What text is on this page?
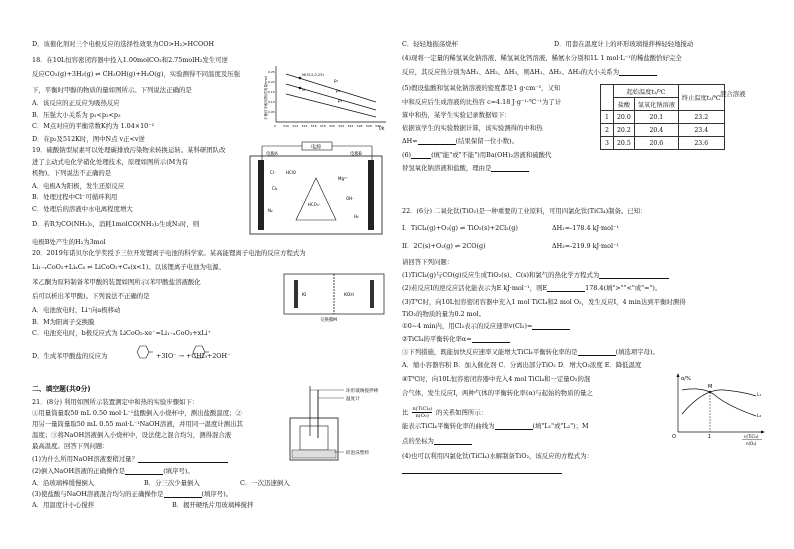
D．该催化剂对三个电极反应的选择性效果为CO>H₂>HCOOH
18．在10L恒容密闭容器中投入1.00molCO₂和2.75molH₂发生可逆
反应CO₂(g)+3H₂(g) ⇌ CH₃OH(g)+H₂O(g)，实验测得不同温度及压强
下，平衡时甲醇的物质的量如图所示。下列说法正确的是
A．该反应的正反应为吸热反应
B．压强大小关系为 p₁<p₂<p₃
C．M点对应的平衡常数K约为 1.04×10⁻²
D．在p₂及512K时，图中N点 v正<v逆
平衡时甲醇的物质的量/mol
T/K
0 510 512 514 516 518 520 522 524 526 528 530
0.25
0.20
0.15
0.10
0.05
p₁
p₂
p₃
M(512,0.25)
N
19．硫酸钠型尿素可以处理碳排放污染物来转换运转。某科研团队改
进了主动式电化学硝化处理技术，原理如图所示(M为有
机物)。下列说法不正确的是
A．电极A为阳极，发生还原反应
B．处理过程中Cl⁻可循环利用
C．处理后的溶液中水电离程度增大
D．若R为CO(NH₂)₂，消耗1molCO(NH₂)₂生成N₂时，则
电极B处产生的H₂为3mol
电源
电极A	电极B
Cl⁻ HClO
Cl₂
Mg²⁺
OH⁻
H₂
HCO₃⁻
N₂
20．2019年诺贝尔化学奖授予三位开发锂离子电池的科学家。某高能锂离子电池的反应方程式为
Li₁₋ₓCoO₂+LiₓC₆ ⇌ LiCoO₂+C₆(x<1)。以该锂离子电池为电源、
苯乙酮为原料制备苯甲酸的装置如图所示(苯甲酸盐溶液酸化
后可以析出苯甲酸)。下列说法不正确的是
A．电池放电时，Li⁺向a极移动
B．M为阳离子交换膜
C．电池充电时，b极反应式为 LiCoO₂-xe⁻=Li₁₋ₓCoO₂+xLi⁺
D．生成苯甲酸盐的反应为	+3IO⁻ → +CHI₃+2OH⁻
KI	KOH
交换膜M
二、填空题(共0分)
21．(8分) 利用如图所示装置测定中和热的实验步骤如下：
①用量筒量取50 mL 0.50 mol·L⁻¹盐酸倒入小烧杯中，测出盐酸温度；②
用另一量筒量取50 mL 0.55 mol·L⁻¹NaOH溶液，并用同一温度计测出其
温度；③将NaOH溶液倒入小烧杯中，设法使之混合均匀，测得混合液
最高温度。回答下列问题：
(1)为什么所用NaOH溶液要稍过量？
(2)倒入NaOH溶液的正确操作是	(填序号)。
A．沿玻璃棒缓慢倒入	B．分三次少量倒入	C．一次迅速倒入
(3)使盐酸与NaOH溶液混合均匀的正确操作是	(填序号)。
A．用温度计小心搅拌	B．揭开硬纸片用玻璃棒搅拌
环形玻璃搅拌棒
温度计
碎泡沫塑料
C．轻轻地振荡烧杯	D．用套在温度计上的环形玻璃搅拌棒轻轻地搅动
(4)现将一定量的稀氢氧化钠溶液、稀氢氧化钙溶液、稀氨水分别和1L 1 mol·L⁻¹的稀盐酸恰好完全
反应，其反应热分别为ΔH₁、ΔH₂、ΔH₃，则ΔH₁、ΔH₂、ΔH₃的大小关系为
(5)假设盐酸和氢氧化钠溶液的密度都是1 g·cm⁻³，又知
中和反应后生成溶液的比热容 c=4.18 J·g⁻¹·℃⁻¹为了计
算中和热，某学生实验记录数据如下：
依据该学生的实验数据计算，该实验测得的中和热
ΔH=	(结果保留一位小数)。
(6)	(填"能"或"不能")用Ba(OH)₂溶液和硫酸代
替氢氧化钠溶液和盐酸，理由是
	起始温度t₁/℃		终止温度t₂/℃
	盐酸	氢氧化钠溶液	
1	20.0	20.1	23.2
2	20.2	20.4	23.4
3	20.5	20.6	23.6
混合溶液
22．(6分) 二氧化钛(TiO₂)是一种重要的工业原料，可用四氯化钛(TiCl₄)制备。已知：
I．TiCl₄(g)+O₂(g) ⇌ TiO₂(s)+2Cl₂(g)	ΔH₁=-178.4 kJ·mol⁻¹
II．2C(s)+O₂(g) ⇌ 2CO(g)	ΔH₂=-219.9 kJ·mol⁻¹
请回答下列问题：
(1)TiCl₄(g)与CO(g)反应生成TiO₂(s)、C(s)和氯气的热化学方程式为
(2)若反应I的逆反应活化能表示为E kJ·mol⁻¹，则E	178.4(填">""<"或"=")。
(3)T℃时，向10L恒容密闭容器中充入1 mol TiCl₄和2 mol O₂，发生反应I，4 min达到平衡时测得
TiO₂的物质的量为0.2 mol。
①0~4 min内，用Cl₂表示的反应速率v(Cl₂)=
②TiCl₄的平衡转化率α=
③下列措施，既能加快反应速率又能增大TiCl₄平衡转化率的是	(填选项字母)。
A．缩小容器容积 B．加入催化剂 C．分离出部分TiO₂ D．增大O₂浓度 E．降低温度
④T℃时，向10L恒容密闭容器中充入4 mol TiCl₄和一定量O₂的混
合气体，发生反应I，两种气体的平衡转化率(α)与起始的物质的量之
比 n(TiCl₄)
n(O₂)	的关系如图所示：
能表示TiCl₄平衡转化率的曲线为	(填"L₁"或"L₂")；M
点的坐标为
(4)也可以利用四氯化钛(TiCl₄)水解制备TiO₂，该反应的方程式为：
α/%
O	1	n(TiCl₄)
n(O₂)
M
L₁
L₂
